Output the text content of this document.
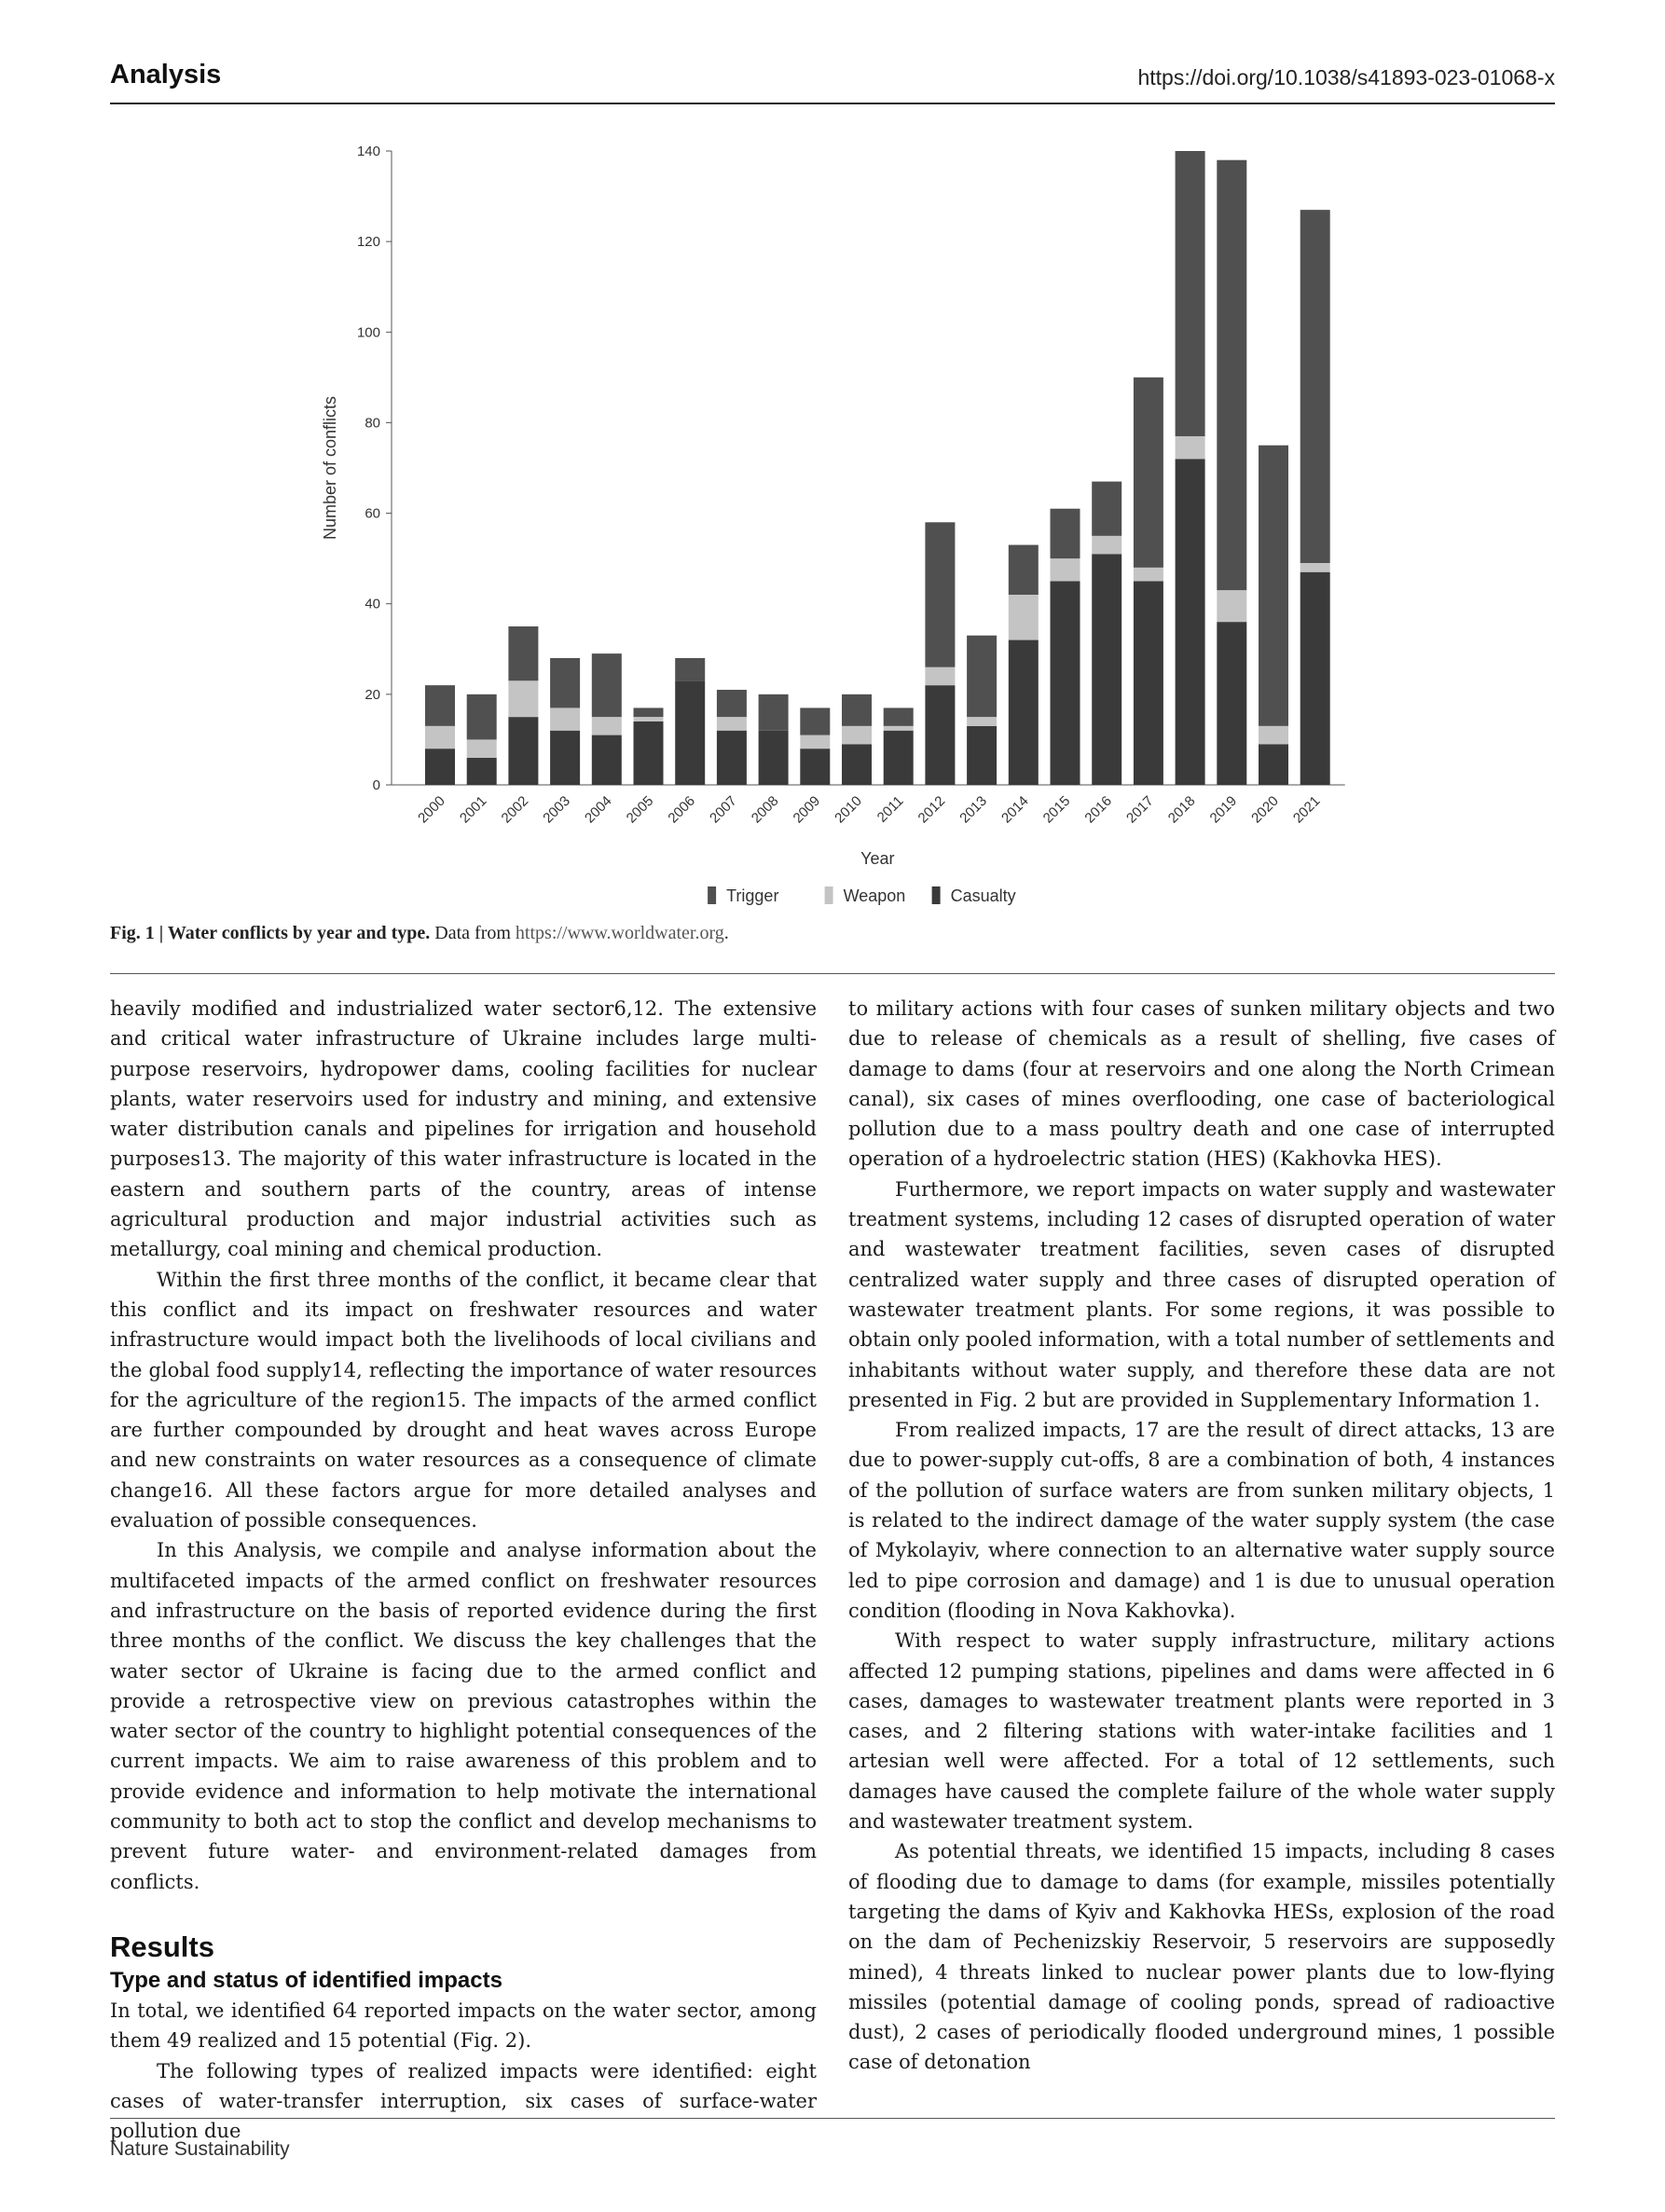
Analysis	https://doi.org/10.1038/s41893-023-01068-x
0
20
40
60
80
100
120
140
Number of conflicts
2000 2001 2002 2003 2004 2005 2006 2007 2008 2009 2010 2011 2012 2013 2014 2015 2016 2017 2018 2019 2020 2021
Year
Trigger	Weapon	Casualty
Fig. 1 | Water conflicts by year and type. Data from https://www.worldwater.org.

heavily modified and industrialized water sector6,12. The extensive and critical water infrastructure of Ukraine includes large multi-purpose reservoirs, hydropower dams, cooling facilities for nuclear plants, water reservoirs used for industry and mining, and extensive water distribution canals and pipelines for irrigation and household purposes13. The majority of this water infrastructure is located in the eastern and southern parts of the country, areas of intense agricultural production and major industrial activities such as metallurgy, coal mining and chemical production.

Within the first three months of the conflict, it became clear that this conflict and its impact on freshwater resources and water infrastructure would impact both the livelihoods of local civilians and the global food supply14, reflecting the importance of water resources for the agriculture of the region15. The impacts of the armed conflict are further compounded by drought and heat waves across Europe and new constraints on water resources as a consequence of climate change16. All these factors argue for more detailed analyses and evaluation of possible consequences.

In this Analysis, we compile and analyse information about the multifaceted impacts of the armed conflict on freshwater resources and infrastructure on the basis of reported evidence during the first three months of the conflict. We discuss the key challenges that the water sector of Ukraine is facing due to the armed conflict and provide a retrospective view on previous catastrophes within the water sector of the country to highlight potential consequences of the current impacts. We aim to raise awareness of this problem and to provide evidence and information to help motivate the international community to both act to stop the conflict and develop mechanisms to prevent future water- and environment-related damages from conflicts.

Results
Type and status of identified impacts

In total, we identified 64 reported impacts on the water sector, among them 49 realized and 15 potential (Fig. 2).

The following types of realized impacts were identified: eight cases of water-transfer interruption, six cases of surface-water pollution due

to military actions with four cases of sunken military objects and two due to release of chemicals as a result of shelling, five cases of damage to dams (four at reservoirs and one along the North Crimean canal), six cases of mines overflooding, one case of bacteriological pollution due to a mass poultry death and one case of interrupted operation of a hydroelectric station (HES) (Kakhovka HES).

Furthermore, we report impacts on water supply and wastewater treatment systems, including 12 cases of disrupted operation of water and wastewater treatment facilities, seven cases of disrupted centralized water supply and three cases of disrupted operation of wastewater treatment plants. For some regions, it was possible to obtain only pooled information, with a total number of settlements and inhabitants without water supply, and therefore these data are not presented in Fig. 2 but are provided in Supplementary Information 1.

From realized impacts, 17 are the result of direct attacks, 13 are due to power-supply cut-offs, 8 are a combination of both, 4 instances of the pollution of surface waters are from sunken military objects, 1 is related to the indirect damage of the water supply system (the case of Mykolayiv, where connection to an alternative water supply source led to pipe corrosion and damage) and 1 is due to unusual operation condition (flooding in Nova Kakhovka).

With respect to water supply infrastructure, military actions affected 12 pumping stations, pipelines and dams were affected in 6 cases, damages to wastewater treatment plants were reported in 3 cases, and 2 filtering stations with water-intake facilities and 1 artesian well were affected. For a total of 12 settlements, such damages have caused the complete failure of the whole water supply and wastewater treatment system.

As potential threats, we identified 15 impacts, including 8 cases of flooding due to damage to dams (for example, missiles potentially targeting the dams of Kyiv and Kakhovka HESs, explosion of the road on the dam of Pechenizskiy Reservoir, 5 reservoirs are supposedly mined), 4 threats linked to nuclear power plants due to low-flying missiles (potential damage of cooling ponds, spread of radioactive dust), 2 cases of periodically flooded underground mines, 1 possible case of detonation

Nature Sustainability
